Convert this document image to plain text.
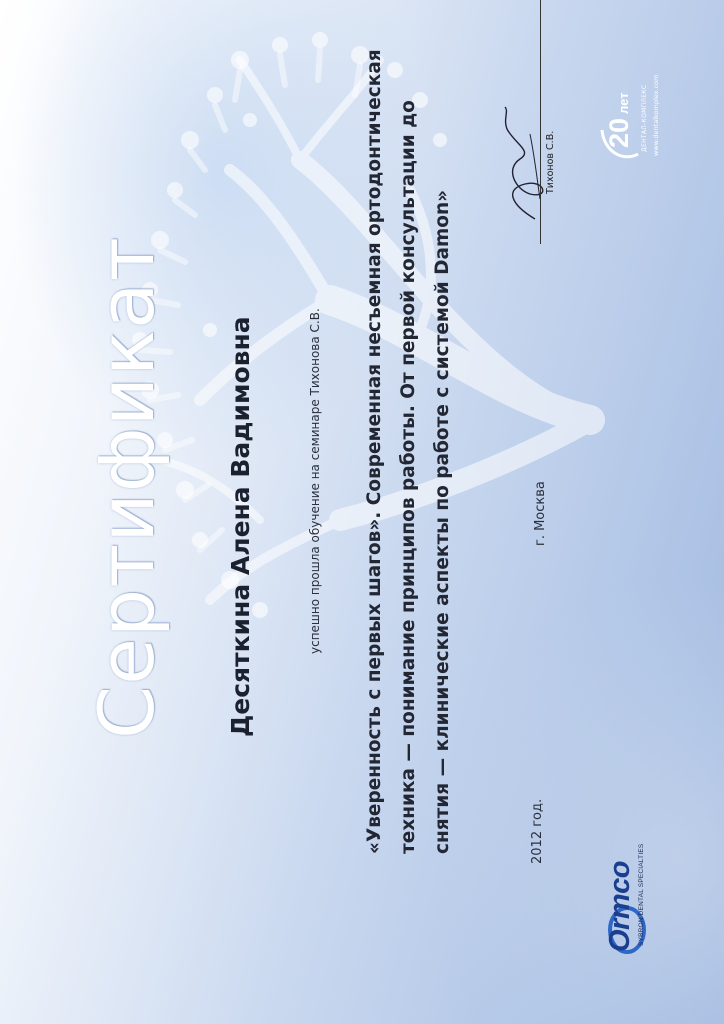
Сертификат Десяткина Алена Вадимовна	успешно прошла обучение на семинаре Тихонова С.В.	«Уверенность с первых шагов». Современная несъемная ортодонтическая техника — понимание принципов работы. От первой консультации до снятия — клинические аспекты по работе с системой Damon»	2012 год.
г. Москва
Тихонов С.В.
Ormco SYBRON DENTAL SPECIALTIES
20
лет ДЕНТАЛ-КОМПЛЕКС www.dentalkomplex.com
